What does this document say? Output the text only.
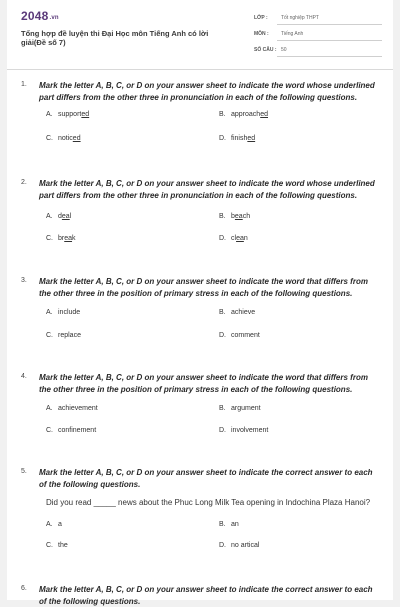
2048.vn
Tổng hợp đề luyện thi Đại Học môn Tiếng Anh có lời giải(Đề số 7)
LỚP :	Tốt nghiệp THPT
MÔN :	Tiếng Anh
SỐ CÂU : 50
1.	Mark the letter A, B, C, or D on your answer sheet to indicate the word whose underlined part differs from the other three in pronunciation in each of the following questions.
A. support ed	B. approach ed
C. notic ed	D. finish ed
2.	Mark the letter A, B, C, or D on your answer sheet to indicate the word whose underlined part differs from the other three in pronunciation in each of the following questions.
A. d ea l	B. b ea ch
C. br ea k	D. cl ea n
3.	Mark the letter A, B, C, or D on your answer sheet to indicate the word that differs from the other three in the position of primary stress in each of the following questions.
A. include	B. achieve
C. replace	D. comment
4.	Mark the letter A, B, C, or D on your answer sheet to indicate the word that differs from the other three in the position of primary stress in each of the following questions.
A. achievement	B. argument
C. confinement	D. involvement
5.	Mark the letter A, B, C, or D on your answer sheet to indicate the correct answer to each of the following questions.
Did you read _____ news about the Phuc Long Milk Tea opening in Indochina Plaza Hanoi?
A. a	B. an
C. the	D. no artical
6.	Mark the letter A, B, C, or D on your answer sheet to indicate the correct answer to each of the following questions.
